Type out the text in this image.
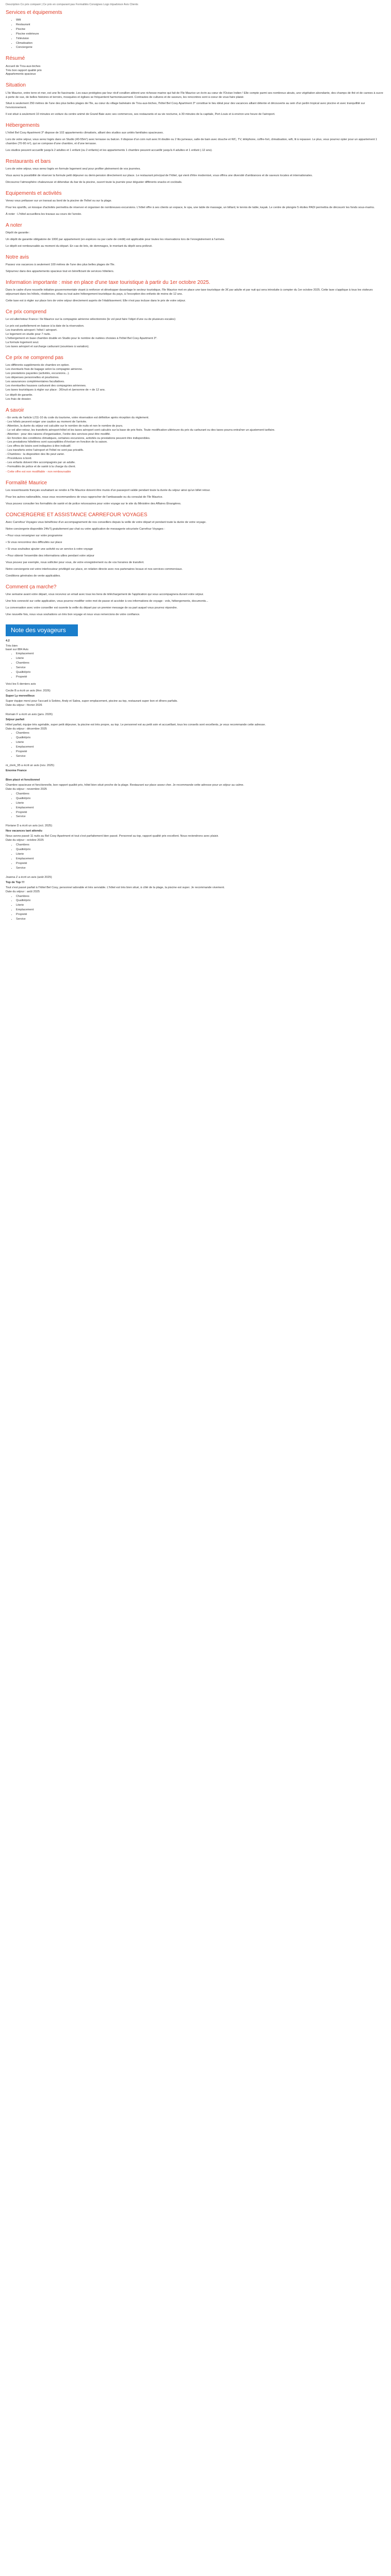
Description Co prix comparé | Ce prix en comparant pas Formalités Consignes Logo tripadvisor Avis Clients
Services et équipements
• Wifi
• Restaurant
• Piscine
• Piscine extérieure
• Télévision
• Climatisation
• Conciergerie
Résumé
Accueil de Trou-aux-biches
Très bon rapport qualité prix
Appartements spacieux
Situation

L'Ile Maurice, entre terre et mer, est une île fascinante. Les eaux protégées par leur récif corallien attirent une richesse marine qui fait de l'île Maurice un écrin au cœur de l'Océan Indien ! Elle compte parmi ses nombreux atouts, une végétation abondante, des champs de thé et de cannes à sucre à perte de vue, de belles histoires et terroirs, mosquées et églises se fréquentent harmonieusement. Contrastes de cultures et de saveurs, les rencontres sont à coeur de vous faire plaisir.

Situé à seulement 250 mètres de l'une des plus belles plages de l'île, au cœur du village balnéaire de Trou-aux-biches, l'hôtel Bel Cosy Apartment 3* constitue le lieu idéal pour des vacances alliant détente et découverte au sein d'un jardin tropical avec piscine et avec tranquillité sur l'environnement.

Il est situé à seulement 10 minutes en voiture du centre animé de Grand Baie avec ses commerces, ses restaurants et sa vie nocturne, à 30 minutes de la capitale, Port-Louis et à environ une heure de l'aéroport.

Hébergements

L'hôtel Bel Cosy Apartment 3* dispose de 102 appartements climatisés, alliant des studios aux unités familiales spacieuses.

Lors de votre séjour, vous serez logés dans un Studio (40-55m²) avec terrasse ou balcon. Il dispose d'un coin nuit avec lit double ou 2 lits jumeaux, salle de bain avec douche et WC, TV, téléphone, coffre-fort, climatisation, wifi, lit à repasser. Le plus, vous pourrez opter pour un appartement 1 chambre (70-90 m²), qui se compose d'une chambre, et d'une terrasse.

Les studios peuvent accueillir jusqu'à 2 adultes et 1 enfant (ou 2 enfants) et les appartements 1 chambre peuvent accueillir jusqu'à 4 adultes et 1 enfant (-12 ans).

Restaurants et bars

Lors de votre séjour, vous serez logés en formule logement seul pour profiter pleinement de vos journées.

Vous aurez la possibilité de réserver la formule petit déjeuner ou demi-pension directement sur place. Le restaurant principal de l'hôtel, qui vient d'être modernisé, vous offrira une diversité d'ambiances et de saveurs locales et internationales.

Découvrez l'atmosphère chaleureuse et détendue du bar de la piscine, ouvert toute la journée pour déguster différents snacks et cocktails.

Equipements et activités

Venez vous prélasser sur un transat au bord de la piscine de l'hôtel ou sur la plage.

Pour les sportifs, un kiosque d'activités permettra de réserver et organiser de nombreuses excursions. L'hôtel offre à ses clients un espace, le spa, une table de massage, un billard, le tennis de table, kayak. Le centre de plongée 5 étoiles PADI permettra de découvrir les fonds sous-marins.

À noter : L'hôtel accueillera les travaux au cours de l'année.

A noter

Dépôt de garantie :

Un dépôt de garantie obligatoire de 100€ par appartement (en espèces ou par carte de crédit) est applicable pour toutes les réservations lors de l'enregistrement à l'arrivée.

Le dépôt est remboursable au moment du départ. En cas de bris, de dommages, le montant du dépôt sera prélevé.

Notre avis

Passez vos vacances à seulement 100 mètres de l'une des plus belles plages de l'île.

Séjournez dans des appartements spacieux tout en bénéficiant de services hôteliers.

Information importante : mise en place d'une taxe touristique à partir du 1er octobre 2025.

Dans le cadre d'une nouvelle initiative gouvernementale visant à renforcer et développer davantage le secteur touristique, l'île Maurice met en place une taxe touristique de 3€ par adulte et par nuit qui sera introduite à compter du 1er octobre 2025. Cette taxe s'applique à tous les visiteurs séjournant dans les hôtels, résidences, villas ou tout autre hébergement touristique du pays, à l'exception des enfants de moins de 12 ans.

Cette taxe est à régler sur place lors de votre séjour directement auprès de l'établissement. Elle n'est pas incluse dans le prix de votre séjour.

Ce prix comprend

Le vol aller/retour France / Ile Maurice sur la compagnie aérienne sélectionnée (le vol peut faire l'objet d'une ou de plusieurs escales)

Le prix est partiellement en baisse à la date de la réservation.
Les transferts aéroport / hôtel / aéroport.
Le logement en studio pour 7 nuits.
L'hébergement en base chambre double en Studio pour le nombre de nuitées choisies à l'hôtel Bel Cosy Apartment 3*.
La formule logement seul.
Les taxes aéroport et surcharge carburant (soumises à variation).
Ce prix ne comprend pas
Les différents suppléments de chambre en option.
Les éventuels frais de bagage selon la compagnie aérienne.
Les prestations payantes (activités, excursions...).
Les dépenses personnelles et pourboires.
Les assurances complémentaires facultatives.
Les éventuelles hausses carburant des compagnies aériennes.
Les taxes touristiques à régler sur place : 3€/nuit et /personne de + de 12 ans.
Le dépôt de garantie.
Les frais de dossier.
A savoir
- En vertu de l'article L211-10 du code du tourisme, votre réservation est définitive après réception du règlement.
- Les hôtels peuvent exiger une caution au moment de l'arrivée.
- Attention, la durée du séjour est calculée sur le nombre de nuits et non le nombre de jours.
- Le vol aller-retour, les transferts aéroport-hôtel et les taxes aéroport sont calculés sur la base de prix fixés. Toute modification ultérieure du prix du carburant ou des taxes pourra entraîner un ajustement tarifaire.
- Attention : pour des raisons d'organisation, l'ordre des services peut être modifié.
- En fonction des conditions climatiques, certaines excursions, activités ou prestations peuvent être indisponibles.
- Les prestations hôtelières sont susceptibles d'évoluer en fonction de la saison.
- Les offres de loisirs sont indiquées à titre indicatif.
- Les transferts entre l'aéroport et l'hôtel ne sont pas privatifs.
- Chambres : la disposition des lits peut varier.
- Procédures à bord.
- Les enfants doivent être accompagnés par un adulte.
- Formalités de police et de santé à la charge du client.
- Cette offre est non modifiable - non remboursable
Formalité Maurice

Les ressortissants français souhaitant se rendre à l'île Maurice doivent être munis d'un passeport valide pendant toute la durée du séjour ainsi qu'un billet retour.

Pour les autres nationalités, nous vous recommandons de vous rapprocher de l'ambassade ou du consulat de l'île Maurice.

Vous pouvez consulter les formalités de santé et de police nécessaires pour votre voyage sur le site du Ministère des Affaires Étrangères.

CONCIERGERIE ET ASSISTANCE CARREFOUR VOYAGES

Avec Carrefour Voyages vous bénéficiez d'un accompagnement de nos conseillers depuis la veille de votre départ et pendant toute la durée de votre voyage.

Notre conciergerie disponible 24h/7j gratuitement par chat ou votre application de messagerie sécurisée Carrefour Voyages :

• Pour vous renseigner sur votre programme

• Si vous rencontrez des difficultés sur place

• Si vous souhaitez ajouter une activité ou un service à votre voyage

• Pour obtenir l'ensemble des informations utiles pendant votre séjour

Vous pouvez par exemple, nous solliciter pour vous, de votre enregistrement ou de vos horaires de transfert.

Notre conciergerie est votre interlocuteur privilégié sur place, en relation directe avec nos partenaires locaux et nos services commerciaux.

Conditions générales de vente applicables.

Comment ça marche?

Une semaine avant votre départ, vous recevrez un email avec tous les liens de téléchargement de l'application qui vous accompagnera durant votre séjour.

Une fois connecté sur cette application, vous pourrez modifier votre mot de passe et accéder à vos informations de voyage : vols, hébergements, documents...

La conversation avec votre conseiller est ouverte la veille du départ par un premier message de sa part auquel vous pourrez répondre.

Une nouvelle fois, nous vous souhaitons un très bon voyage et nous vous remercions de votre confiance.

Note des voyageurs
4.2
Très bien
basé sur 884 Avis
• Emplacement
• Literie
• Chambres
• Service
• Qualité/prix
• Propreté

Voici les 5 derniers avis

Cecile B a écrit un avis (févr. 2026)
Super Ly merveilleux
Super équipe merci pour l'accueil à Sebino, Andy et Sabra, super emplacement, piscine au top, restaurant super bon et dîners parfaits.
Date du séjour : février 2026
Romain F a écrit un avis (janv. 2026)
Séjour parfait
Hôtel parfait, équipe très agréable, super petit déjeuner, la piscine est très propre, au top. Le personnel est au petit soin et accueillant, tous les conseils sont excellents, je vous recommande cette adresse.
Date du séjour : décembre 2025
• Chambres
• Qualité/prix
• Literie
• Emplacement
• Propreté
• Service
ni_clerk_95 a écrit un avis (nov. 2025)
Enorme France
Bien placé et fonctionnel
Chambre spacieuse et fonctionnelle, bon rapport qualité prix, hôtel bien situé proche de la plage. Restaurant sur place assez cher. Je recommande cette adresse pour un séjour au calme.
Date du séjour : novembre 2025
• Chambres
• Qualité/prix
• Literie
• Emplacement
• Propreté
• Service
Floriane D a écrit un avis (oct. 2025)
Nos vacances tant attendu
Nous avons passé 11 nuits au Bel Cosy Apartment et tout s'est parfaitement bien passé. Personnel au top, rapport qualité prix excellent. Nous reviendrons avec plaisir.
Date du séjour : octobre 2025
• Chambres
• Qualité/prix
• Literie
• Emplacement
• Propreté
• Service
Joanna Z a écrit un avis (août 2025)
Top de Top !!!
Tout s'est passé parfait à l'hôtel Bel Cosy, personnel adorable et très serviable. L'hôtel est très bien situé, à côté de la plage, la piscine est super. Je recommande vivement.
Date du séjour : août 2025
• Chambres
• Qualité/prix
• Literie
• Emplacement
• Propreté
• Service
